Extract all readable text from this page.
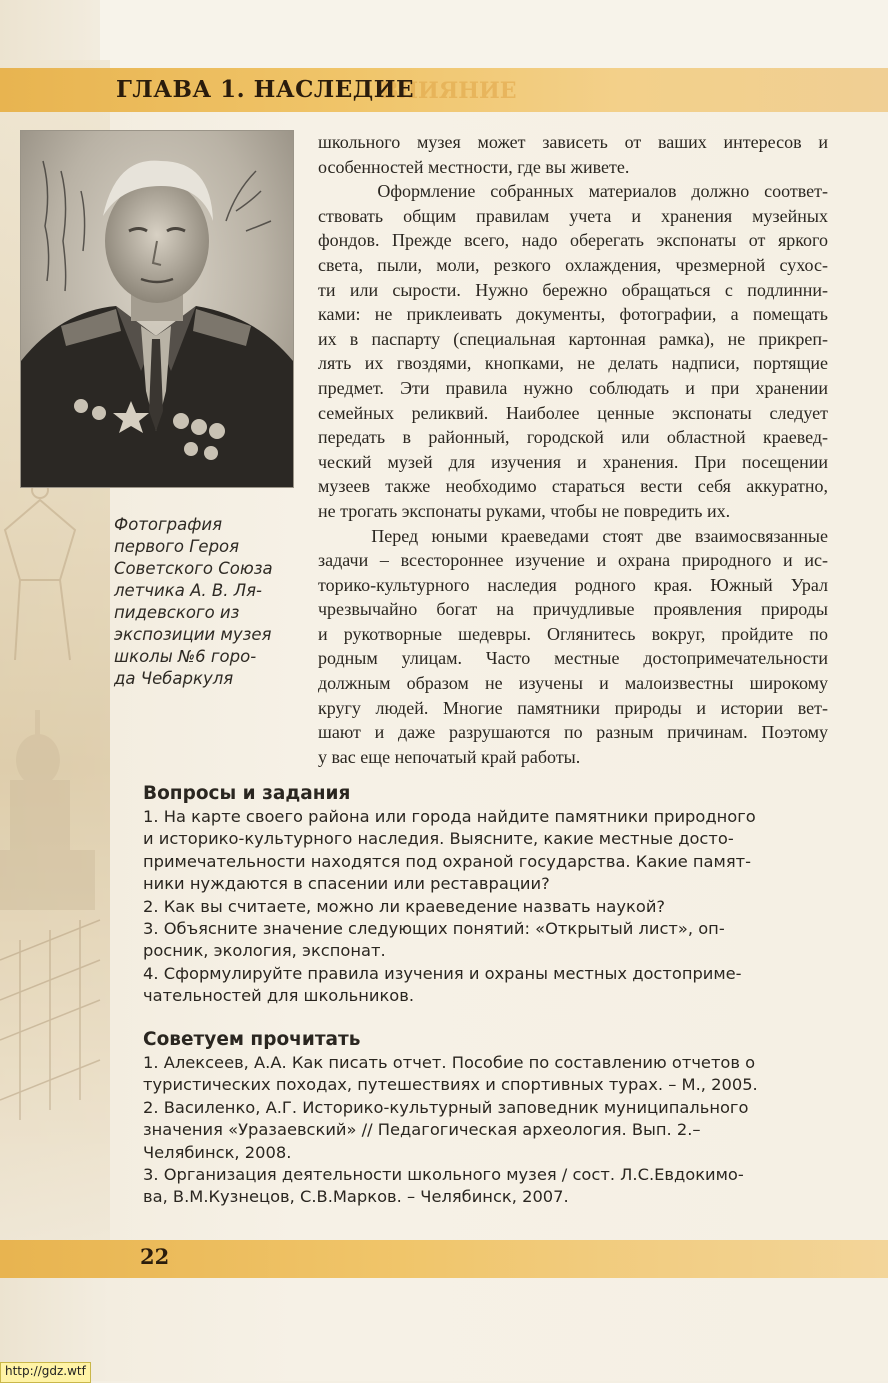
ВЛИЯНИЕ
ГЛАВА 1. НАСЛЕДИЕ
Фотография
первого Героя
Советского Союза
летчика А. В. Ля-
пидевского из
экспозиции музея
школы №6 горо-
да Чебаркуля
школьного музея может зависеть от ваших интересов и
особенностей местности, где вы живете.
Оформление собранных материалов должно соответ-
ствовать общим правилам учета и хранения музейных
фондов. Прежде всего, надо оберегать экспонаты от яркого
света, пыли, моли, резкого охлаждения, чрезмерной сухос-
ти или сырости. Нужно бережно обращаться с подлинни-
ками: не приклеивать документы, фотографии, а помещать
их в паспарту (специальная картонная рамка), не прикреп-
лять их гвоздями, кнопками, не делать надписи, портящие
предмет. Эти правила нужно соблюдать и при хранении
семейных реликвий. Наиболее ценные экспонаты следует
передать в районный, городской или областной краевед-
ческий музей для изучения и хранения. При посещении
музеев также необходимо стараться вести себя аккуратно,
не трогать экспонаты руками, чтобы не повредить их.
Перед юными краеведами стоят две взаимосвязанные
задачи – всестороннее изучение и охрана природного и ис-
торико-культурного наследия родного края. Южный Урал
чрезвычайно богат на причудливые проявления природы
и рукотворные шедевры. Оглянитесь вокруг, пройдите по
родным улицам. Часто местные достопримечательности
должным образом не изучены и малоизвестны широкому
кругу людей. Многие памятники природы и истории вет-
шают и даже разрушаются по разным причинам. Поэтому
у вас еще непочатый край работы.
Вопросы и задания
1. На карте своего района или города найдите памятники природного
и историко-культурного наследия. Выясните, какие местные досто-
примечательности находятся под охраной государства. Какие памят-
ники нуждаются в спасении или реставрации?
2. Как вы считаете, можно ли краеведение назвать наукой?
3. Объясните значение следующих понятий: «Открытый лист», оп-
росник, экология, экспонат.
4. Сформулируйте правила изучения и охраны местных достоприме-
чательностей для школьников.
Советуем прочитать
1. Алексеев, А.А. Как писать отчет. Пособие по составлению отчетов о
туристических походах, путешествиях и спортивных турах. – М., 2005.
2. Василенко, А.Г. Историко-культурный заповедник муниципального
значения «Уразаевский» // Педагогическая археология. Вып. 2.–
Челябинск, 2008.
3. Организация деятельности школьного музея / сост. Л.С.Евдокимо-
ва, В.М.Кузнецов, С.В.Марков. – Челябинск, 2007.
22
http://gdz.wtf
